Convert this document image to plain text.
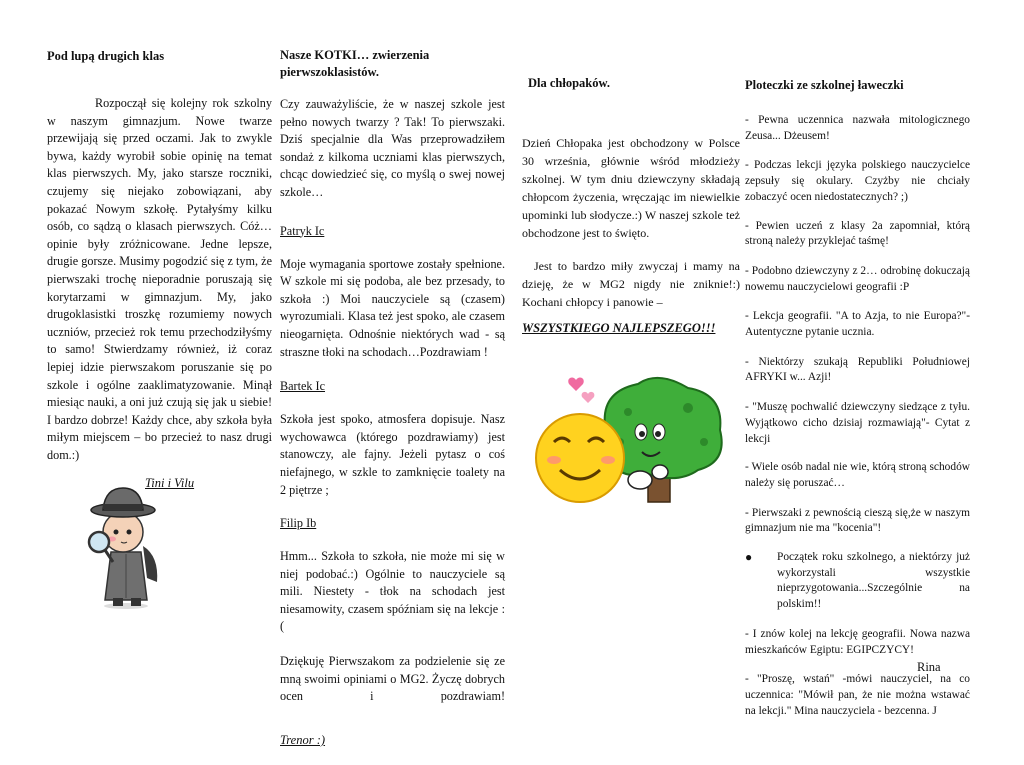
Pod lupą drugich klas

Rozpoczął się kolejny rok szkolny w naszym gimnazjum. Nowe twarze przewijają się przed oczami. Jak to zwykle bywa, każdy wyrobił sobie opinię na temat klas pierwszych. My, jako starsze roczniki, czujemy się niejako zobowiązani, aby pokazać Nowym szkołę. Pytałyśmy kilku osób, co sądzą o klasach pierwszych. Cóż… opinie były zróżnicowane. Jedne lepsze, drugie gorsze. Musimy pogodzić się z tym, że pierwszaki trochę nieporadnie poruszają się korytarzami w gimnazjum. My, jako drugoklasistki troszkę rozumiemy nowych uczniów, przecież rok temu przechodziłyśmy to samo! Stwierdzamy również, iż coraz lepiej idzie pierwszakom poruszanie się po szkole i ogólne zaaklimatyzowanie. Minął miesiąc nauki, a oni już czują się jak u siebie! I bardzo dobrze! Każdy chce, aby szkoła była miłym miejscem – bo przecież to nasz drugi dom.:)

Tini i Vilu

Nasze KOTKI… zwierzenia pierwszoklasistów.

Czy zauważyliście, że w naszej szkole jest pełno nowych twarzy ? Tak! To pierwszaki. Dziś specjalnie dla Was przeprowadziłem sondaż z kilkoma uczniami klas pierwszych, chcąc dowiedzieć się, co myślą o swej nowej szkole…

Patryk Ic

Moje wymagania sportowe zostały spełnione. W szkole mi się podoba, ale bez przesady, to szkoła :) Moi nauczyciele są (czasem) wyrozumiali. Klasa też jest spoko, ale czasem nieogarnięta. Odnośnie niektórych wad - są straszne tłoki na schodach…Pozdrawiam !

Bartek Ic

Szkoła jest spoko, atmosfera dopisuje. Nasz wychowawca (którego pozdrawiamy) jest stanowczy, ale fajny. Jeżeli pytasz o coś niefajnego, w szkle to zamknięcie toalety na 2 piętrze ;

Filip Ib

Hmm... Szkoła to szkoła, nie może mi się w niej podobać.:) Ogólnie to nauczyciele są mili. Niestety - tłok na schodach jest niesamowity, czasem spóźniam się na lekcje :(

Dziękuję Pierwszakom za podzielenie się ze mną swoimi opiniami o MG2. Życzę dobrych ocen i pozdrawiam!

Trenor :)

Dla chłopaków.

Dzień Chłopaka jest obchodzony w Polsce 30 września, głównie wśród młodzieży szkolnej. W tym dniu dziewczyny składają chłopcom życzenia, wręczając im niewielkie upominki lub słodycze.:) W naszej szkole też obchodzone jest to święto.

Jest to bardzo miły zwyczaj i mamy na dzieję, że w MG2 nigdy nie zniknie!:) Kochani chłopcy i panowie –

WSZYSTKIEGO NAJLEPSZEGO!!!

Ploteczki ze szkolnej ławeczki

- Pewna uczennica nazwała mitologicznego Zeusa... Dżeusem!

- Podczas lekcji języka polskiego nauczycielce zepsuły się okulary. Czyżby nie chciały zobaczyć ocen niedostatecznych? ;)

- Pewien uczeń z klasy 2a zapomniał, którą stroną należy przyklejać taśmę!

- Podobno dziewczyny z 2… odrobinę dokuczają nowemu nauczycielowi geografii :P

- Lekcja geografii. "A to Azja, to nie Europa?"- Autentyczne pytanie ucznia.

- Niektórzy szukają Republiki Południowej AFRYKI w... Azji!

- "Muszę pochwalić dziewczyny siedzące z tyłu. Wyjątkowo cicho dzisiaj rozmawiają"- Cytat z lekcji

- Wiele osób nadal nie wie, którą stroną schodów należy się poruszać…

- Pierwszaki z pewnością cieszą się,że w naszym gimnazjum nie ma "kocenia"!

●	Początek roku szkolnego, a niektórzy już wykorzystali wszystkie nieprzygotowania...Szczególnie na polskim!!

- I znów kolej na lekcję geografii. Nowa nazwa mieszkańców Egiptu: EGIPCZYCY!

- "Proszę, wstań" -mówi nauczyciel, na co uczennica: "Mówił pan, że nie można wstawać na lekcji." Mina nauczyciela - bezcenna. J

Rina
